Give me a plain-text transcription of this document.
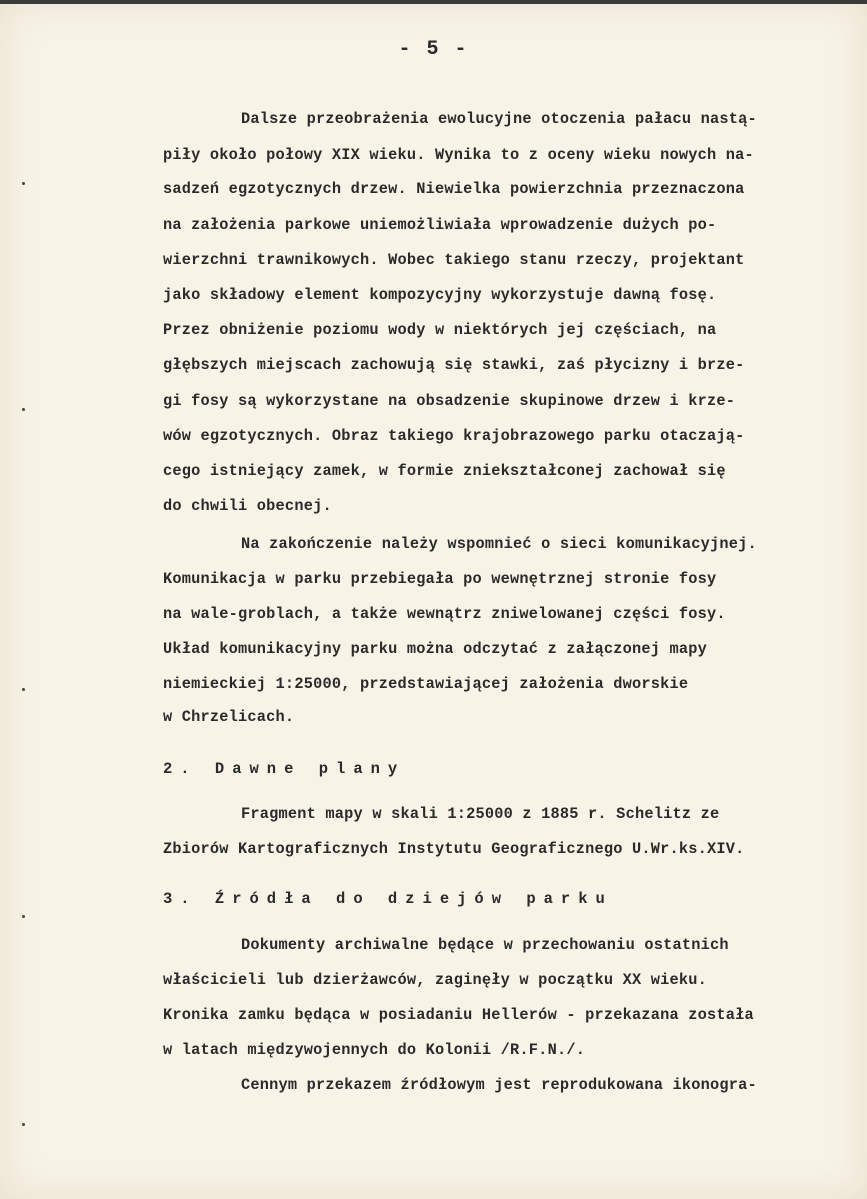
- 5 -
Dalsze przeobrażenia ewolucyjne otoczenia pałacu nastą-
piły około połowy XIX wieku. Wynika to z oceny wieku nowych na-
sadzeń egzotycznych drzew. Niewielka powierzchnia przeznaczona
na założenia parkowe uniemożliwiała wprowadzenie dużych po-
wierzchni trawnikowych. Wobec takiego stanu rzeczy, projektant
jako składowy element kompozycyjny wykorzystuje dawną fosę.
Przez obniżenie poziomu wody w niektórych jej częściach, na
głębszych miejscach zachowują się stawki, zaś płycizny i brze-
gi fosy są wykorzystane na obsadzenie skupinowe drzew i krze-
wów egzotycznych. Obraz takiego krajobrazowego parku otaczają-
cego istniejący zamek, w formie zniekształconej zachował się
do chwili obecnej.
Na zakończenie należy wspomnieć o sieci komunikacyjnej.
Komunikacja w parku przebiegała po wewnętrznej stronie fosy
na wale-groblach, a także wewnątrz zniwelowanej części fosy.
Układ komunikacyjny parku można odczytać z załączonej mapy
niemieckiej 1:25000, przedstawiającej założenia dworskie
w Chrzelicach.
2. Dawne plany
Fragment mapy w skali 1:25000 z 1885 r. Schelitz ze
Zbiorów Kartograficznych Instytutu Geograficznego U.Wr.ks.XIV.
3. Źródła do dziejów parku
Dokumenty archiwalne będące w przechowaniu ostatnich
właścicieli lub dzierżawców, zaginęły w początku XX wieku.
Kronika zamku będąca w posiadaniu Hellerów - przekazana została
w latach międzywojennych do Kolonii /R.F.N./.
Cennym przekazem źródłowym jest reprodukowana ikonogra-
